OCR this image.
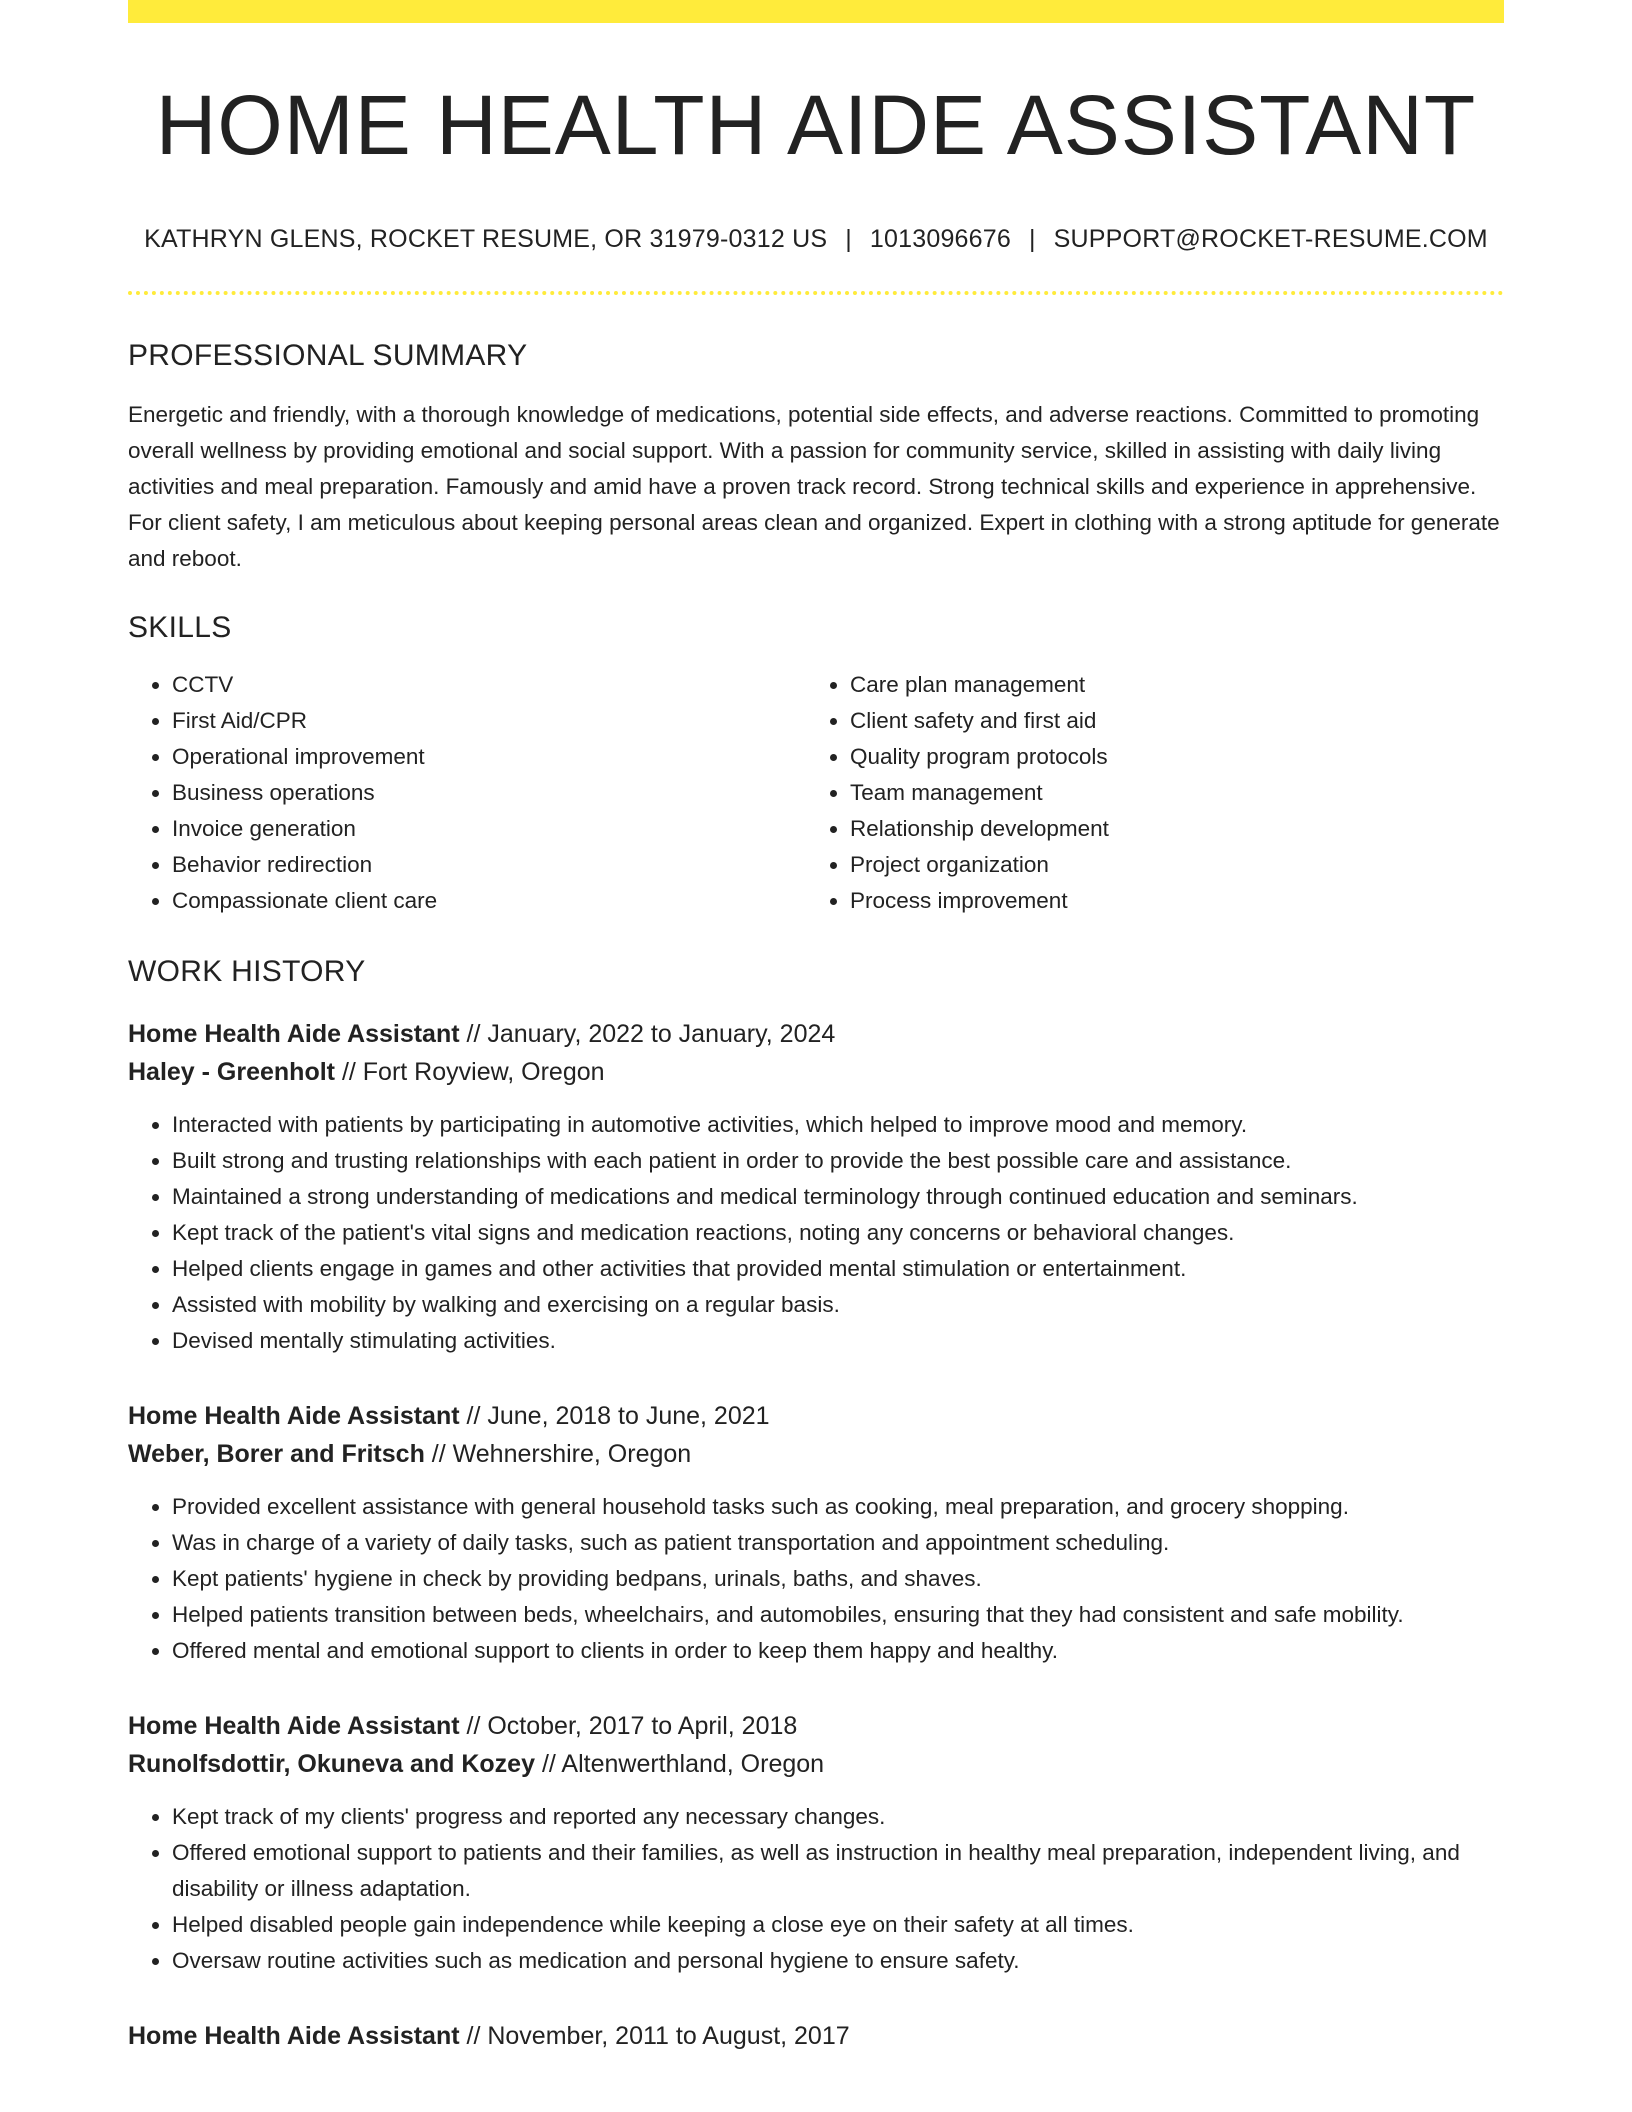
HOME HEALTH AIDE ASSISTANT
KATHRYN GLENS, ROCKET RESUME, OR 31979-0312 US | 1013096676 | SUPPORT@ROCKET-RESUME.COM
PROFESSIONAL SUMMARY

Energetic and friendly, with a thorough knowledge of medications, potential side effects, and adverse reactions. Committed to promoting overall wellness by providing emotional and social support. With a passion for community service, skilled in assisting with daily living activities and meal preparation. Famously and amid have a proven track record. Strong technical skills and experience in apprehensive. For client safety, I am meticulous about keeping personal areas clean and organized. Expert in clothing with a strong aptitude for generate and reboot.

SKILLS
• CCTV
• First Aid/CPR
• Operational improvement
• Business operations
• Invoice generation
• Behavior redirection
• Compassionate client care
• Care plan management
• Client safety and first aid
• Quality program protocols
• Team management
• Relationship development
• Project organization
• Process improvement
WORK HISTORY
Home Health Aide Assistant // January, 2022 to January, 2024
Haley - Greenholt // Fort Royview, Oregon
• Interacted with patients by participating in automotive activities, which helped to improve mood and memory.
• Built strong and trusting relationships with each patient in order to provide the best possible care and assistance.
• Maintained a strong understanding of medications and medical terminology through continued education and seminars.
• Kept track of the patient's vital signs and medication reactions, noting any concerns or behavioral changes.
• Helped clients engage in games and other activities that provided mental stimulation or entertainment.
• Assisted with mobility by walking and exercising on a regular basis.
• Devised mentally stimulating activities.
Home Health Aide Assistant // June, 2018 to June, 2021
Weber, Borer and Fritsch // Wehnershire, Oregon
• Provided excellent assistance with general household tasks such as cooking, meal preparation, and grocery shopping.
• Was in charge of a variety of daily tasks, such as patient transportation and appointment scheduling.
• Kept patients' hygiene in check by providing bedpans, urinals, baths, and shaves.
• Helped patients transition between beds, wheelchairs, and automobiles, ensuring that they had consistent and safe mobility.
• Offered mental and emotional support to clients in order to keep them happy and healthy.
Home Health Aide Assistant // October, 2017 to April, 2018
Runolfsdottir, Okuneva and Kozey // Altenwerthland, Oregon
• Kept track of my clients' progress and reported any necessary changes.
• Offered emotional support to patients and their families, as well as instruction in healthy meal preparation, independent living, and disability or illness adaptation.
• Helped disabled people gain independence while keeping a close eye on their safety at all times.
• Oversaw routine activities such as medication and personal hygiene to ensure safety.
Home Health Aide Assistant // November, 2011 to August, 2017
